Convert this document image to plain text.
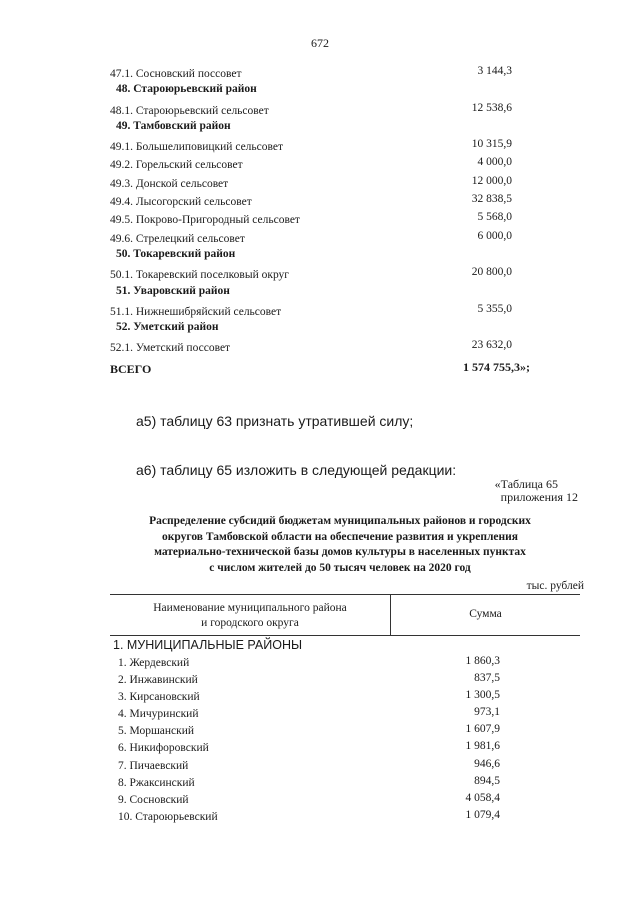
672
47.1. Сосновский поссовет	3 144,3
48. Староюрьевский район
48.1. Староюрьевский сельсовет	12 538,6
49. Тамбовский район
49.1. Большелиповицкий сельсовет	10 315,9
49.2. Горельский сельсовет	4 000,0
49.3. Донской сельсовет	12 000,0
49.4. Лысогорский сельсовет	32 838,5
49.5. Покрово-Пригородный сельсовет	5 568,0
49.6. Стрелецкий сельсовет	6 000,0
50. Токаревский район
50.1. Токаревский поселковый округ	20 800,0
51. Уваровский район
51.1. Нижнешибряйский сельсовет	5 355,0
52. Уметский район
52.1. Уметский поссовет	23 632,0
ВСЕГО	1 574 755,3»;
а5) таблицу 63 признать утратившей силу;
а6) таблицу 65 изложить в следующей редакции:
«Таблица 65
приложения 12
Распределение субсидий бюджетам муниципальных районов и городских
округов Тамбовской области на обеспечение развития и укрепления
материально-технической базы домов культуры в населенных пунктах
с числом жителей до 50 тысяч человек на 2020 год
тыс. рублей
Наименование муниципального района
и городского округа
Сумма
1. МУНИЦИПАЛЬНЫЕ РАЙОНЫ
1. Жердевский	1 860,3
2. Инжавинский	837,5
3. Кирсановский	1 300,5
4. Мичуринский	973,1
5. Моршанский	1 607,9
6. Никифоровский	1 981,6
7. Пичаевский	946,6
8. Ржаксинский	894,5
9. Сосновский	4 058,4
10. Староюрьевский	1 079,4
